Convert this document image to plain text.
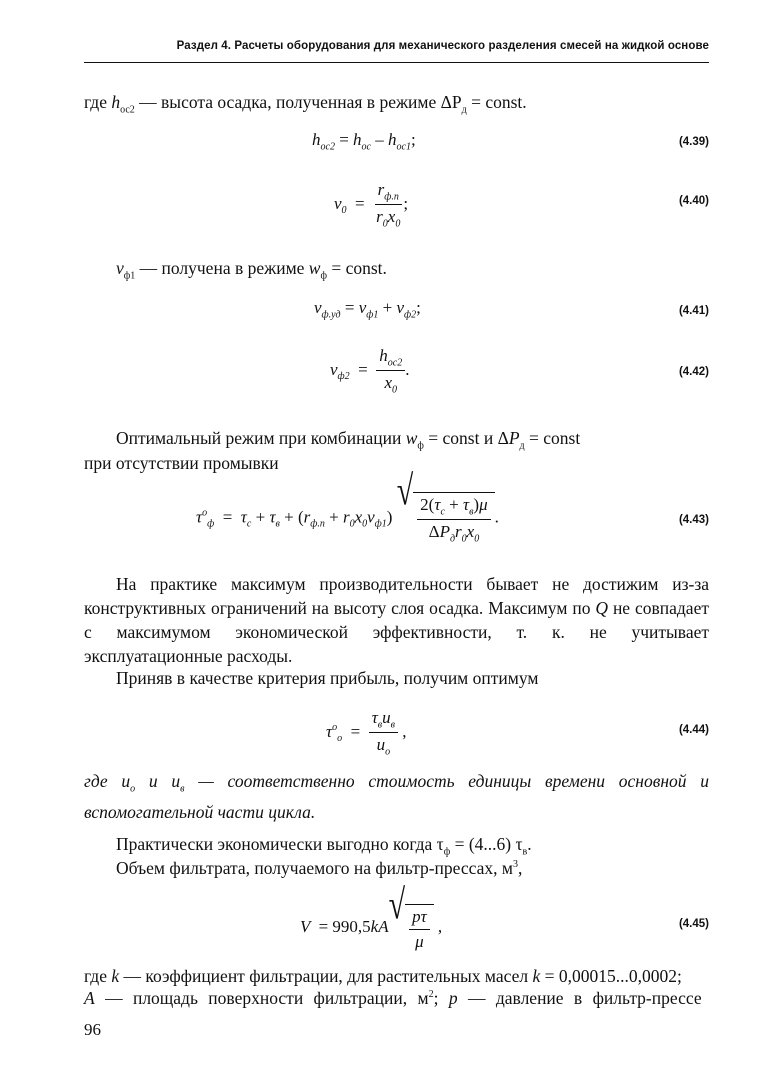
Раздел 4. Расчеты оборудования для механического разделения смесей на жидкой основе
где $h_{ос2}$ — высота осадка, полученная в режиме $\Delta P_д$ = const.
$h_{ос2} = h_{ос} - h_{ос1}$;	(4.39)
$v_0 = \frac{r_{ф.п}}{r_0x_0}$ ;	(4.40)
$v_{ф1}$ — получена в режиме $w_ф$ = const.
$v_{ф.уд} = v_{ф1} + v_{ф2}$;	(4.41)
$v_{ф2} = \frac{h_{ос2}}{x_0}$ .	(4.42)
Оптимальный режим при комбинации $w_ф$ = const и $\Delta P_д$ = const
при отсутствии промывки
$\tau^о_ф = \tau_с + \tau_в + (r_{ф.п} + r_0x_0v_{ф1})$
√
$\frac{2(\tau_с + \tau_в)\mu}{\Delta P_дr_0x_0}$ .	(4.43)
На практике максимум производительности бывает не достижим из-за конструктивных ограничений на высоту слоя осадка. Максимум по Q не совпадает с максимумом экономической эффективности, т. к. не учитывает эксплуатационные расходы.
Приняв в качестве критерия прибыль, получим оптимум
$\tau^о_о = \frac{\tau_вu_в}{u_о}$ ,	(4.44)
где $u_о$ и $u_в$ — соответственно стоимость единицы времени основной и вспомогательной части цикла.
Практически экономически выгодно когда $\tau_ф = (4...6)$ $\tau_в$.
Объем фильтрата, получаемого на фильтр-прессах, $м^3$,
V  = 990,5kA √
$\frac{p\tau}{\mu}$ ,	(4.45)
где k — коэффициент фильтрации, для растительных масел k = 0,00015...0,0002;
A — площадь поверхности фильтрации, $м^2$; p — давление в фильтр-прессе
96
